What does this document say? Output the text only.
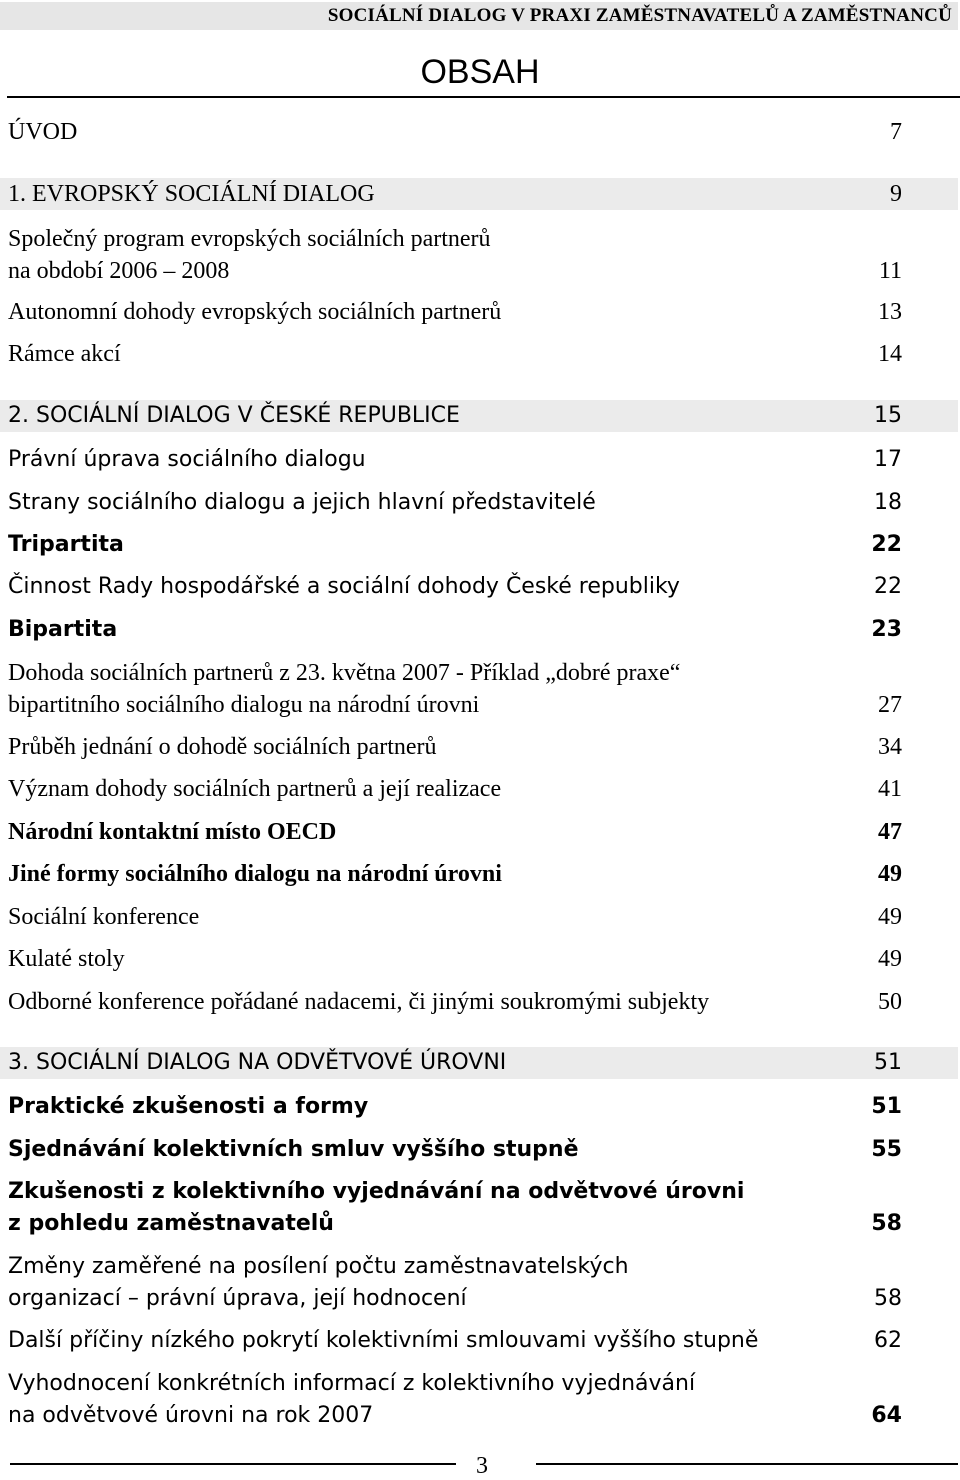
SOCIÁLNÍ DIALOG V PRAXI ZAMĚSTNAVATELŮ A ZAMĚSTNANCŮ
OBSAH
ÚVOD	7
1. EVROPSKÝ SOCIÁLNÍ DIALOG	9
Společný program evropských sociálních partnerů
na období 2006 – 2008	11
Autonomní dohody evropských sociálních partnerů	13
Rámce akcí	14
2. SOCIÁLNÍ DIALOG V ČESKÉ REPUBLICE	15
Právní úprava sociálního dialogu	17
Strany sociálního dialogu a jejich hlavní představitelé	18
Tripartita	22
Činnost Rady hospodářské a sociální dohody České republiky	22
Bipartita	23
Dohoda sociálních partnerů z 23. května 2007 - Příklad „dobré praxe“
bipartitního sociálního dialogu na národní úrovni	27
Průběh jednání o dohodě sociálních partnerů	34
Význam dohody sociálních partnerů a její realizace	41
Národní kontaktní místo OECD	47
Jiné formy sociálního dialogu na národní úrovni	49
Sociální konference	49
Kulaté stoly	49
Odborné konference pořádané nadacemi, či jinými soukromými subjekty	50
3. SOCIÁLNÍ DIALOG NA ODVĚTVOVÉ ÚROVNI	51
Praktické zkušenosti a formy	51
Sjednávání kolektivních smluv vyššího stupně	55
Zkušenosti z kolektivního vyjednávání na odvětvové úrovni
z pohledu zaměstnavatelů	58
Změny zaměřené na posílení počtu zaměstnavatelských
organizací – právní úprava, její hodnocení	58
Další příčiny nízkého pokrytí kolektivními smlouvami vyššího stupně	62
Vyhodnocení konkrétních informací z kolektivního vyjednávání
na odvětvové úrovni na rok 2007	64
3
